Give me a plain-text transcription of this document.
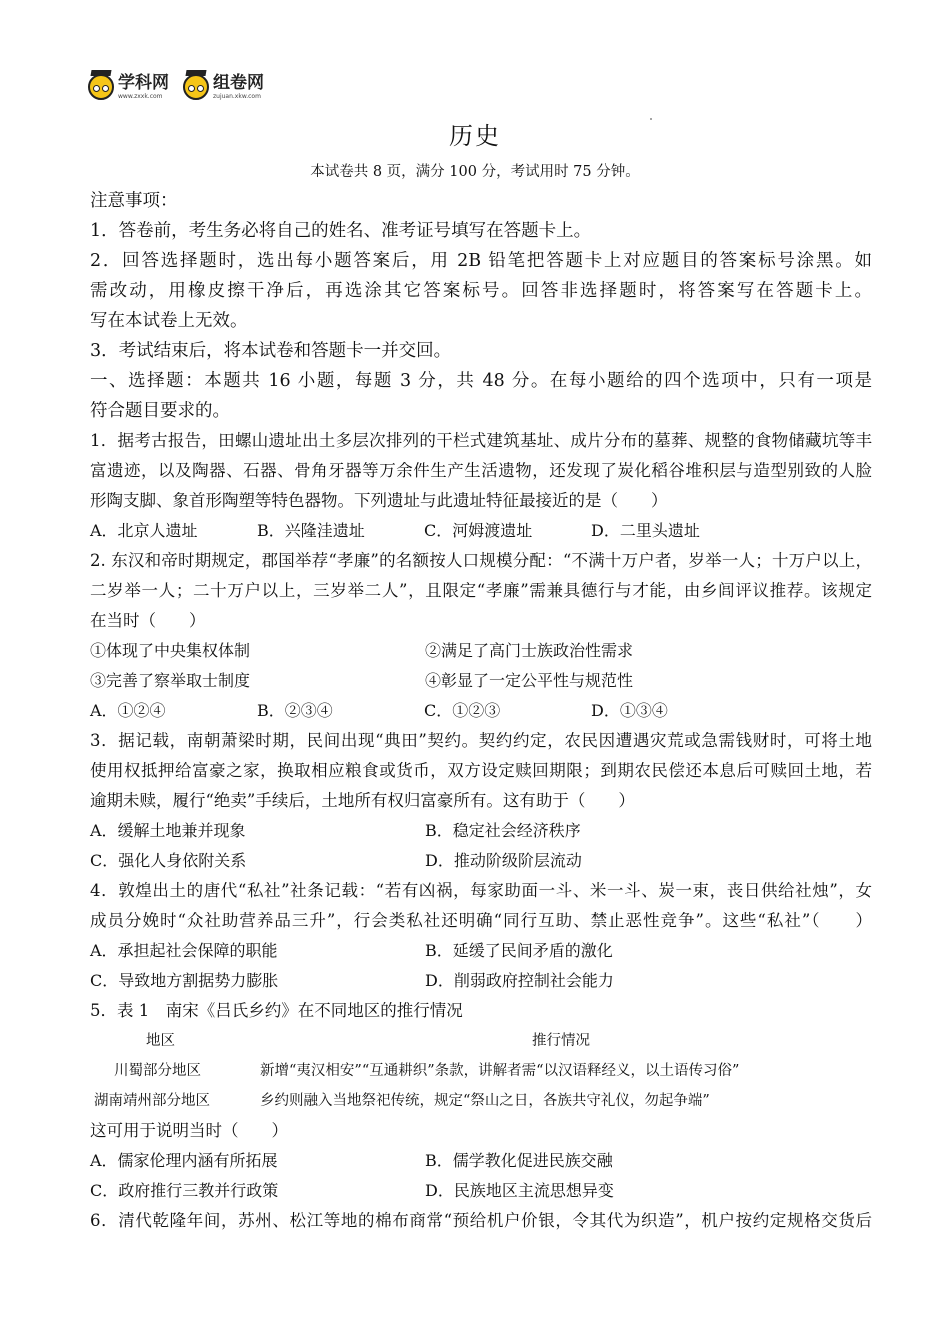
学科网
www.zxxk.com
组卷网
zujuan.xkw.com
历史
本试卷共 8 页，满分 100 分，考试用时 75 分钟。
注意事项：
1．答卷前，考生务必将自己的姓名、准考证号填写在答题卡上。
2．回答选择题时，选出每小题答案后，用 2B 铅笔把答题卡上对应题目的答案标号涂黑。如
需改动，用橡皮擦干净后，再选涂其它答案标号。回答非选择题时，将答案写在答题卡上。
写在本试卷上无效。
3．考试结束后，将本试卷和答题卡一并交回。
一、选择题：本题共 16 小题，每题 3 分，共 48 分。在每小题给的四个选项中，只有一项是
符合题目要求的。
1．据考古报告，田螺山遗址出土多层次排列的干栏式建筑基址、成片分布的墓葬、规整的食物储藏坑等丰
富遗迹，以及陶器、石器、骨角牙器等万余件生产生活遗物，还发现了炭化稻谷堆积层与造型别致的人脸
形陶支脚、象首形陶塑等特色器物。下列遗址与此遗址特征最接近的是（　　）
A．北京人遗址	B．兴隆洼遗址	C．河姆渡遗址	D．二里头遗址
2. 东汉和帝时期规定，郡国举荐“孝廉”的名额按人口规模分配：“不满十万户者，岁举一人；十万户以上，
二岁举一人；二十万户以上，三岁举二人”，且限定“孝廉”需兼具德行与才能，由乡闾评议推荐。该规定
在当时（　　）
①体现了中央集权体制	②满足了高门士族政治性需求
③完善了察举取士制度	④彰显了一定公平性与规范性
A．①②④	B．②③④	C．①②③	D．①③④
3．据记载，南朝萧梁时期，民间出现“典田”契约。契约约定，农民因遭遇灾荒或急需钱财时，可将土地
使用权抵押给富豪之家，换取相应粮食或货币，双方设定赎回期限；到期农民偿还本息后可赎回土地，若
逾期未赎，履行“绝卖”手续后，土地所有权归富豪所有。这有助于（　　）
A．缓解土地兼并现象	B．稳定社会经济秩序
C．强化人身依附关系	D．推动阶级阶层流动
4．敦煌出土的唐代“私社”社条记载：“若有凶祸，每家助面一斗、米一斗、炭一束，丧日供给社烛”，女
成员分娩时“众社助营养品三升”，行会类私社还明确“同行互助、禁止恶性竞争”。这些“私社”（　　）
A．承担起社会保障的职能	B．延缓了民间矛盾的激化
C．导致地方割据势力膨胀	D．削弱政府控制社会能力
5．表 1　南宋《吕氏乡约》在不同地区的推行情况
地区	推行情况
川蜀部分地区	新增“夷汉相安”“互通耕织”条款，讲解者需“以汉语释经义，以土语传习俗”
湖南靖州部分地区	乡约则融入当地祭祀传统，规定“祭山之日，各族共守礼仪，勿起争端”
这可用于说明当时（　　）
A．儒家伦理内涵有所拓展	B．儒学教化促进民族交融
C．政府推行三教并行政策	D．民族地区主流思想异变
6．清代乾隆年间，苏州、松江等地的棉布商常“预给机户价银，令其代为织造”，机户按约定规格交货后
